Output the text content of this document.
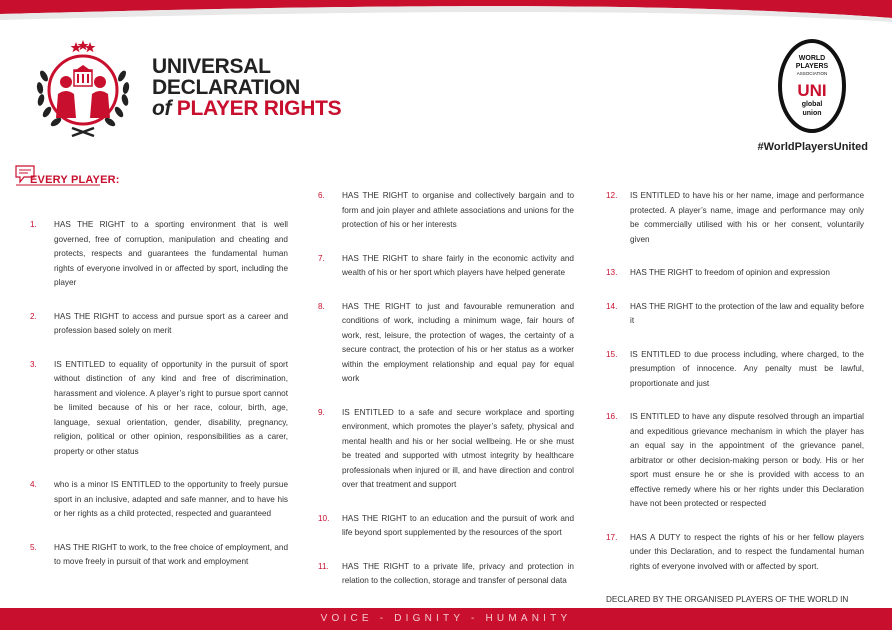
UNIVERSAL
DECLARATION
of PLAYER RIGHTS
WORLD
PLAYERS
ASSOCIATION
UNI
global
union
#WorldPlayersUnited
EVERY PLAYER:
1. HAS THE RIGHT to a sporting environment that is well governed, free of corruption, manipulation and cheating and protects, respects and guarantees the fundamental human rights of everyone involved in or affected by sport, including the player
2. HAS THE RIGHT to access and pursue sport as a career and profession based solely on merit
3. IS ENTITLED to equality of opportunity in the pursuit of sport without distinction of any kind and free of discrimination, harassment and violence. A player’s right to pursue sport cannot be limited because of his or her race, colour, birth, age, language, sexual orientation, gender, disability, pregnancy, religion, political or other opinion, responsibilities as a carer, property or other status
4. who is a minor IS ENTITLED to the opportunity to freely pursue sport in an inclusive, adapted and safe manner, and to have his or her rights as a child protected, respected and guaranteed
5. HAS THE RIGHT to work, to the free choice of employment, and to move freely in pursuit of that work and employment
6. HAS THE RIGHT to organise and collectively bargain and to form and join player and athlete associations and unions for the protection of his or her interests
7. HAS THE RIGHT to share fairly in the economic activity and wealth of his or her sport which players have helped generate
8. HAS THE RIGHT to just and favourable remuneration and conditions of work, including a minimum wage, fair hours of work, rest, leisure, the protection of wages, the certainty of a secure contract, the protection of his or her status as a worker within the employment relationship and equal pay for equal work
9. IS ENTITLED to a safe and secure workplace and sporting environment, which promotes the player’s safety, physical and mental health and his or her social wellbeing. He or she must be treated and supported with utmost integrity by healthcare professionals when injured or ill, and have direction and control over that treatment and support
10. HAS THE RIGHT to an education and the pursuit of work and life beyond sport supplemented by the resources of the sport
11. HAS THE RIGHT to a private life, privacy and protection in relation to the collection, storage and transfer of personal data
12. IS ENTITLED to have his or her name, image and performance protected. A player’s name, image and performance may only be commercially utilised with his or her consent, voluntarily given
13. HAS THE RIGHT to freedom of opinion and expression
14. HAS THE RIGHT to the protection of the law and equality before it
15. IS ENTITLED to due process including, where charged, to the presumption of innocence. Any penalty must be lawful, proportionate and just
16. IS ENTITLED to have any dispute resolved through an impartial and expeditious grievance mechanism in which the player has an equal say in the appointment of the grievance panel, arbitrator or other decision-making person or body. His or her sport must ensure he or she is provided with access to an effective remedy where his or her rights under this Declaration have not been protected or respected
17. HAS A DUTY to respect the rights of his or her fellow players under this Declaration, and to respect the fundamental human rights of everyone involved with or affected by sport.
DECLARED BY THE ORGANISED PLAYERS OF THE WORLD IN
VOICE - DIGNITY - HUMANITY
